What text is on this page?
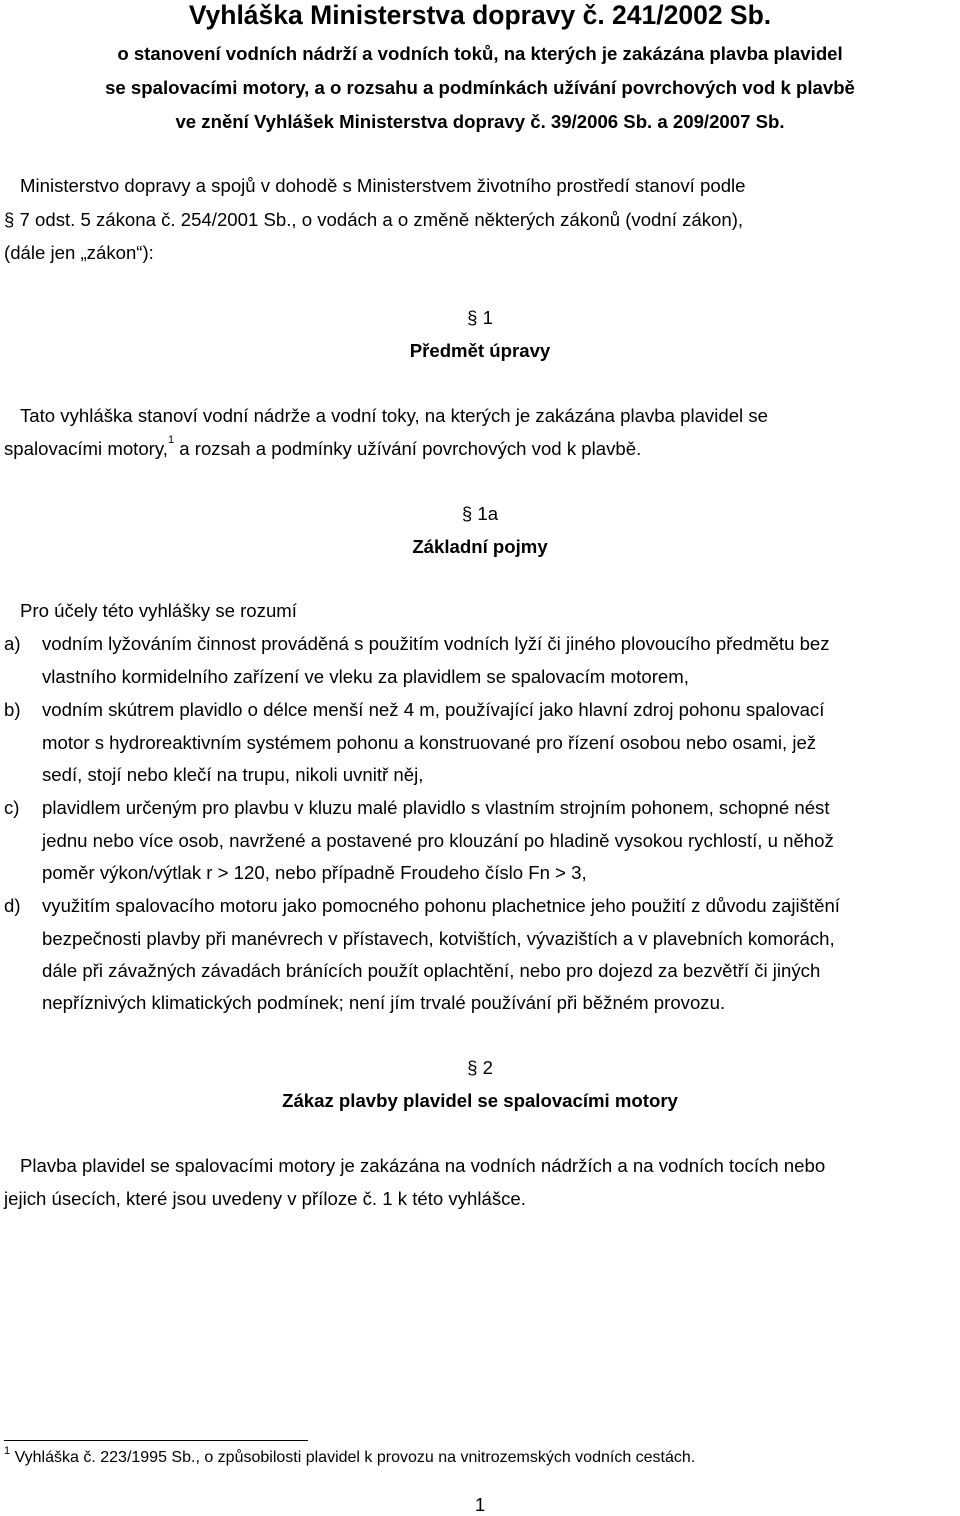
Vyhláška Ministerstva dopravy č. 241/2002 Sb.
o stanovení vodních nádrží a vodních toků, na kterých je zakázána plavba plavidel
se spalovacími motory, a o rozsahu a podmínkách užívání povrchových vod k plavbě
ve znění Vyhlášek Ministerstva dopravy č. 39/2006 Sb. a 209/2007 Sb.
Ministerstvo dopravy a spojů v dohodě s Ministerstvem životního prostředí stanoví podle
§ 7 odst. 5 zákona č. 254/2001 Sb., o vodách a o změně některých zákonů (vodní zákon),
(dále jen „zákon“):
§ 1
Předmět úpravy
Tato vyhláška stanoví vodní nádrže a vodní toky, na kterých je zakázána plavba plavidel se
spalovacími motory,$^1$ a rozsah a podmínky užívání povrchových vod k plavbě.
§ 1a
Základní pojmy
Pro účely této vyhlášky se rozumí
a) vodním lyžováním činnost prováděná s použitím vodních lyží či jiného plovoucího předmětu bez
vlastního kormidelního zařízení ve vleku za plavidlem se spalovacím motorem,
b) vodním skútrem plavidlo o délce menší než 4 m, používající jako hlavní zdroj pohonu spalovací
motor s hydroreaktivním systémem pohonu a konstruované pro řízení osobou nebo osami, jež
sedí, stojí nebo klečí na trupu, nikoli uvnitř něj,
c) plavidlem určeným pro plavbu v kluzu malé plavidlo s vlastním strojním pohonem, schopné nést
jednu nebo více osob, navržené a postavené pro klouzání po hladině vysokou rychlostí, u něhož
poměr výkon/výtlak r > 120, nebo případně Froudeho číslo Fn > 3,
d) využitím spalovacího motoru jako pomocného pohonu plachetnice jeho použití z důvodu zajištění
bezpečnosti plavby při manévrech v přístavech, kotvištích, vývazištích a v plavebních komorách,
dále při závažných závadách bránících použít oplachtění, nebo pro dojezd za bezvětří či jiných
nepříznivých klimatických podmínek; není jím trvalé používání při běžném provozu.
§ 2
Zákaz plavby plavidel se spalovacími motory
Plavba plavidel se spalovacími motory je zakázána na vodních nádržích a na vodních tocích nebo
jejich úsecích, které jsou uvedeny v příloze č. 1 k této vyhlášce.
$^1$ Vyhláška č. 223/1995 Sb., o způsobilosti plavidel k provozu na vnitrozemských vodních cestách.
1
